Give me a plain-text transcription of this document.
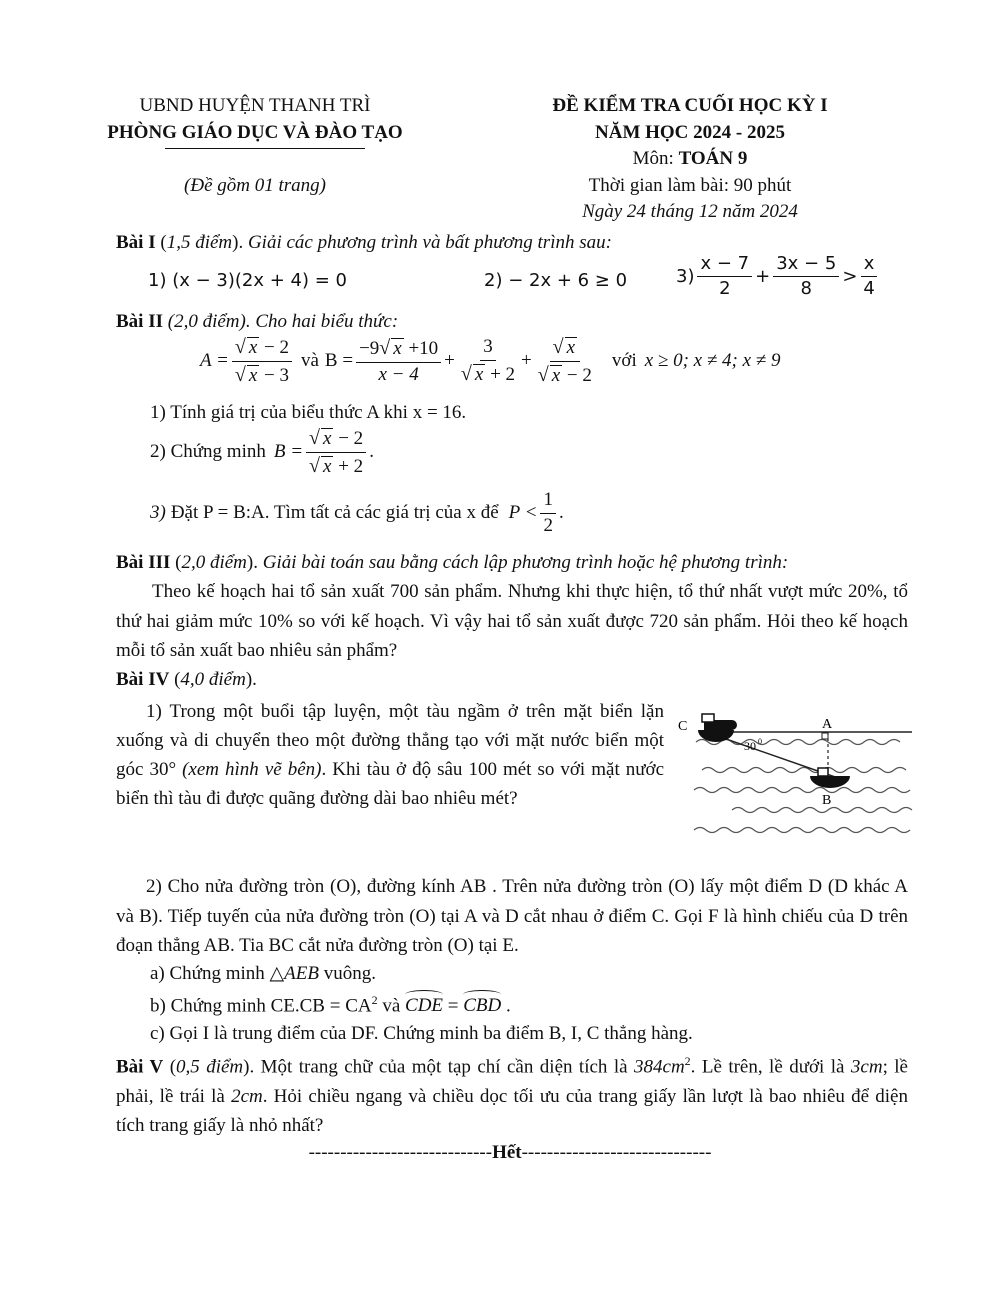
UBND HUYỆN THANH TRÌ
PHÒNG GIÁO DỤC VÀ ĐÀO TẠO
(Đề gồm 01 trang)
ĐỀ KIỂM TRA CUỐI HỌC KỲ I
NĂM HỌC 2024 - 2025
Môn: TOÁN 9
Thời gian làm bài: 90 phút
Ngày 24 tháng 12 năm 2024
Bài I (1,5 điểm). Giải các phương trình và bất phương trình sau:
1) (x − 3)(2x + 4) = 0	2) − 2x + 6 ≥ 0	$3) \frac{x - 7}{2} + \frac{3x - 5}{8} > \frac{x}{4}$
Bài II (2,0 điểm). Cho hai biểu thức:
$A = \frac{√ x - 2}{√ x - 3}$ và $B = \frac{-9√ x +10}{x - 4} + \frac{3}{√ x + 2} + \frac{√ x}{√ x - 2}$ với x ≥ 0; x ≠ 4; x ≠ 9
1) Tính giá trị của biểu thức A khi x = 16.
2) Chứng minh $B = \frac{√ x - 2}{√ x + 2}$ .
3) Đặt P = B:A. Tìm tất cả các giá trị của x để $P < \frac{1}{2}$ .
Bài III (2,0 điểm). Giải bài toán sau bằng cách lập phương trình hoặc hệ phương trình:
Theo kế hoạch hai tổ sản xuất 700 sản phẩm. Nhưng khi thực hiện, tổ thứ nhất vượt mức 20%, tổ thứ hai giảm mức 10% so với kế hoạch. Vì vậy hai tổ sản xuất được 720 sản phẩm. Hỏi theo kế hoạch mỗi tổ sản xuất bao nhiêu sản phẩm?
Bài IV (4,0 điểm).
1) Trong một buổi tập luyện, một tàu ngầm ở trên mặt biển lặn xuống và di chuyển theo một đường thẳng tạo với mặt nước biển một góc 30° (xem hình vẽ bên). Khi tàu ở độ sâu 100 mét so với mặt nước biển thì tàu đi được quãng đường dài bao nhiêu mét?
C	A
B
30 0
2) Cho nửa đường tròn (O), đường kính AB . Trên nửa đường tròn (O) lấy một điểm D (D khác A và B). Tiếp tuyến của nửa đường tròn (O) tại A và D cắt nhau ở điểm C. Gọi F là hình chiếu của D trên đoạn thẳng AB. Tia BC cắt nửa đường tròn (O) tại E.
a) Chứng minh △AEB vuông.
b) Chứng minh $CE.CB = CA^2$ và CDE = CBD .
c) Gọi I là trung điểm của DF. Chứng minh ba điểm B, I, C thẳng hàng.
Bài V (0,5 điểm). Một trang chữ của một tạp chí cần diện tích là $384cm^2$. Lề trên, lề dưới là 3cm; lề phải, lề trái là 2cm. Hỏi chiều ngang và chiều dọc tối ưu của trang giấy lần lượt là bao nhiêu để diện tích trang giấy là nhỏ nhất?
-----------------------------Hết------------------------------
